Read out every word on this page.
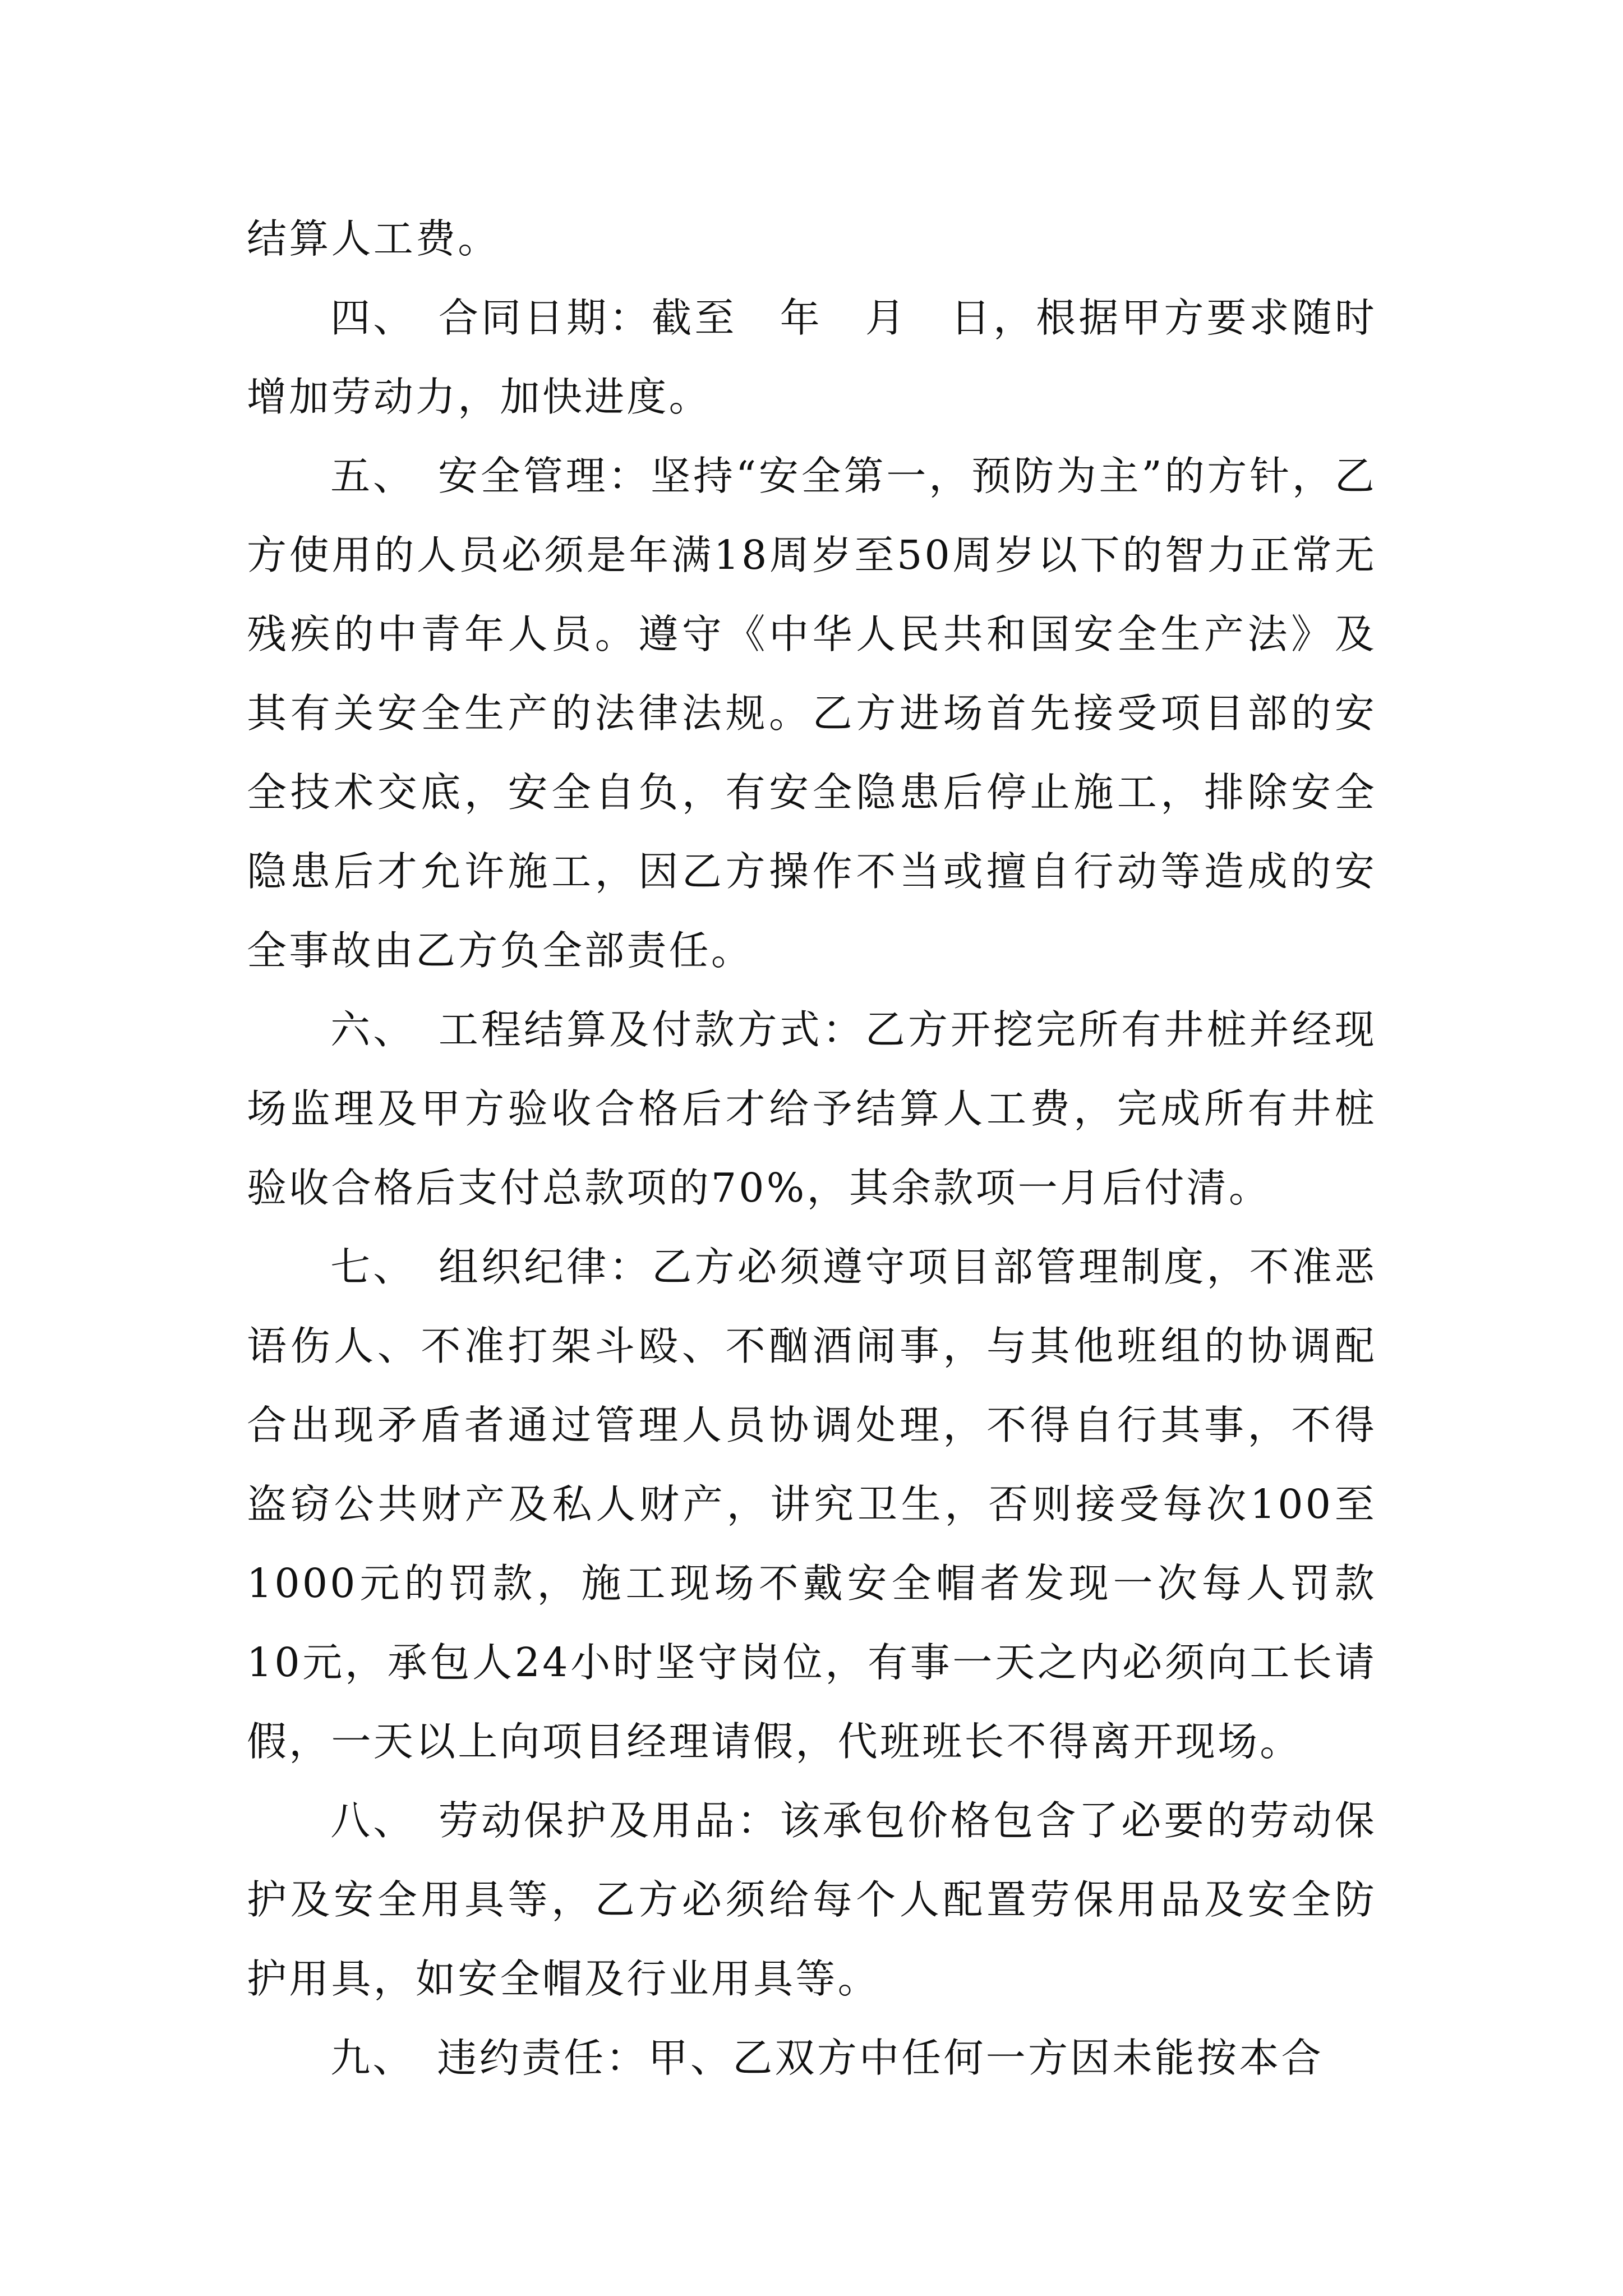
结算人工费。

四、　合同日期：截至　年　月　日，根据甲方要求随时增加劳动力，加快进度。

五、　安全管理：坚持“安全第一，预防为主”的方针，乙方使用的人员必须是年满18周岁至50周岁以下的智力正常无残疾的中青年人员。遵守《中华人民共和国安全生产法》及其有关安全生产的法律法规。乙方进场首先接受项目部的安全技术交底，安全自负，有安全隐患后停止施工，排除安全隐患后才允许施工，因乙方操作不当或擅自行动等造成的安全事故由乙方负全部责任。

六、　工程结算及付款方式：乙方开挖完所有井桩并经现场监理及甲方验收合格后才给予结算人工费，完成所有井桩验收合格后支付总款项的70%，其余款项一月后付清。

七、　组织纪律：乙方必须遵守项目部管理制度，不准恶语伤人、不准打架斗殴、不酗酒闹事，与其他班组的协调配合出现矛盾者通过管理人员协调处理，不得自行其事，不得盗窃公共财产及私人财产，讲究卫生，否则接受每次100至1000元的罚款，施工现场不戴安全帽者发现一次每人罚款10元，承包人24小时坚守岗位，有事一天之内必须向工长请假，一天以上向项目经理请假，代班班长不得离开现场。

八、　劳动保护及用品：该承包价格包含了必要的劳动保护及安全用具等，乙方必须给每个人配置劳保用品及安全防护用具，如安全帽及行业用具等。

九、　违约责任：甲、乙双方中任何一方因未能按本合
